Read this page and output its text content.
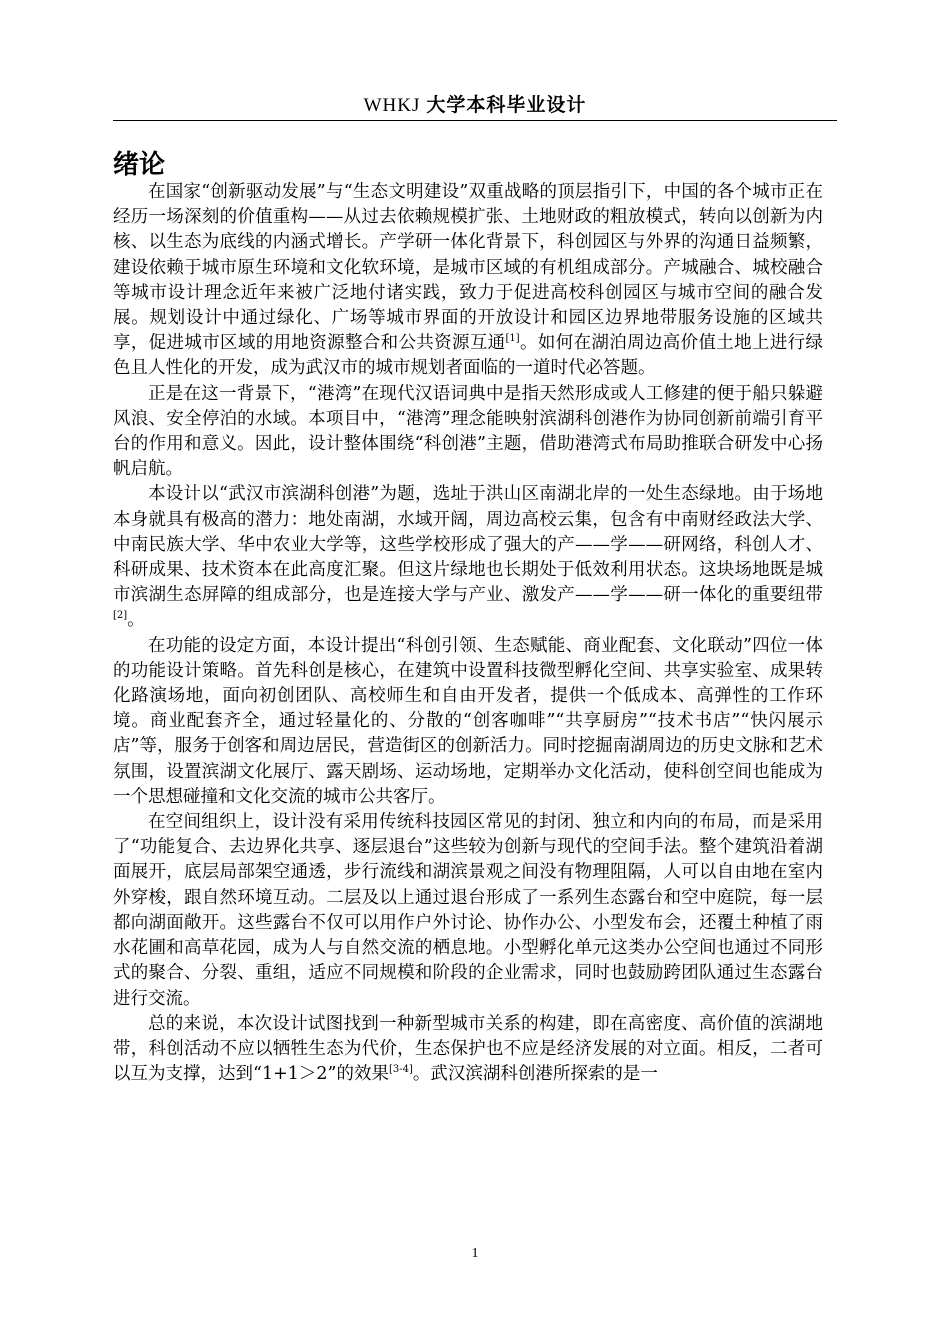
WHKJ 大学本科毕业设计
绪论

在国家“创新驱动发展”与“生态文明建设”双重战略的顶层指引下，中国的各个城市正在经历一场深刻的价值重构——从过去依赖规模扩张、土地财政的粗放模式，转向以创新为内核、以生态为底线的内涵式增长。产学研一体化背景下，科创园区与外界的沟通日益频繁，建设依赖于城市原生环境和文化软环境，是城市区域的有机组成部分。产城融合、城校融合等城市设计理念近年来被广泛地付诸实践，致力于促进高校科创园区与城市空间的融合发展。规划设计中通过绿化、广场等城市界面的开放设计和园区边界地带服务设施的区域共享，促进城市区域的用地资源整合和公共资源互通[1]。如何在湖泊周边高价值土地上进行绿色且人性化的开发，成为武汉市的城市规划者面临的一道时代必答题。

正是在这一背景下，“港湾”在现代汉语词典中是指天然形成或人工修建的便于船只躲避风浪、安全停泊的水域。本项目中，“港湾”理念能映射滨湖科创港作为协同创新前端引育平台的作用和意义。因此，设计整体围绕“科创港”主题，借助港湾式布局助推联合研发中心扬帆启航。

本设计以“武汉市滨湖科创港”为题，选址于洪山区南湖北岸的一处生态绿地。由于场地本身就具有极高的潜力：地处南湖，水域开阔，周边高校云集，包含有中南财经政法大学、中南民族大学、华中农业大学等，这些学校形成了强大的产——学——研网络，科创人才、科研成果、技术资本在此高度汇聚。但这片绿地也长期处于低效利用状态。这块场地既是城市滨湖生态屏障的组成部分，也是连接大学与产业、激发产——学——研一体化的重要纽带[2]。

在功能的设定方面，本设计提出“科创引领、生态赋能、商业配套、文化联动”四位一体的功能设计策略。首先科创是核心，在建筑中设置科技微型孵化空间、共享实验室、成果转化路演场地，面向初创团队、高校师生和自由开发者，提供一个低成本、高弹性的工作环境。商业配套齐全，通过轻量化的、分散的“创客咖啡”“共享厨房”“技术书店”“快闪展示店”等，服务于创客和周边居民，营造街区的创新活力。同时挖掘南湖周边的历史文脉和艺术氛围，设置滨湖文化展厅、露天剧场、运动场地，定期举办文化活动，使科创空间也能成为一个思想碰撞和文化交流的城市公共客厅。

在空间组织上，设计没有采用传统科技园区常见的封闭、独立和内向的布局，而是采用了“功能复合、去边界化共享、逐层退台”这些较为创新与现代的空间手法。整个建筑沿着湖面展开，底层局部架空通透，步行流线和湖滨景观之间没有物理阻隔，人可以自由地在室内外穿梭，跟自然环境互动。二层及以上通过退台形成了一系列生态露台和空中庭院，每一层都向湖面敞开。这些露台不仅可以用作户外讨论、协作办公、小型发布会，还覆土种植了雨水花圃和高草花园，成为人与自然交流的栖息地。小型孵化单元这类办公空间也通过不同形式的聚合、分裂、重组，适应不同规模和阶段的企业需求，同时也鼓励跨团队通过生态露台进行交流。

总的来说，本次设计试图找到一种新型城市关系的构建，即在高密度、高价值的滨湖地带，科创活动不应以牺牲生态为代价，生态保护也不应是经济发展的对立面。相反，二者可以互为支撑，达到“1+1＞2”的效果[3-4]。武汉滨湖科创港所探索的是一

1
